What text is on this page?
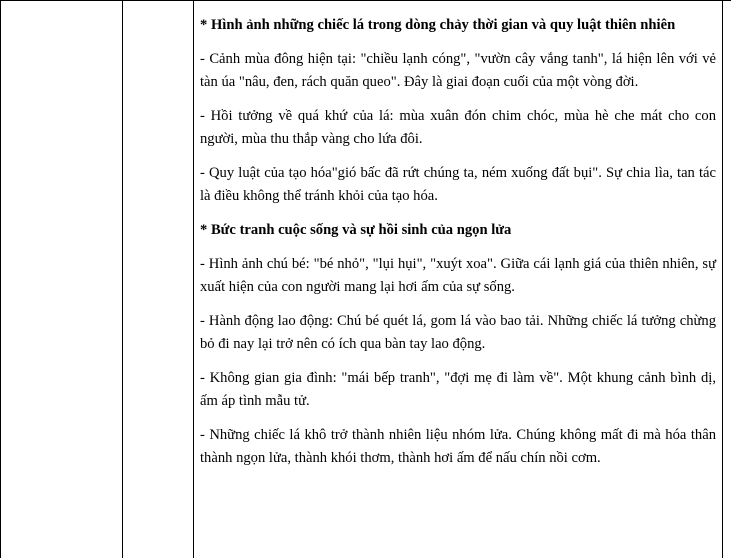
* Hình ảnh những chiếc lá trong dòng chảy thời gian và quy luật thiên nhiên

- Cảnh mùa đông hiện tại: "chiều lạnh cóng", "vườn cây vắng tanh", lá hiện lên với vẻ tàn úa "nâu, đen, rách quăn queo". Đây là giai đoạn cuối của một vòng đời.

- Hồi tưởng về quá khứ của lá: mùa xuân đón chim chóc, mùa hè che mát cho con người, mùa thu thắp vàng cho lứa đôi.

- Quy luật của tạo hóa"gió bấc đã rứt chúng ta, ném xuống đất bụi". Sự chia lìa, tan tác là điều không thể tránh khỏi của tạo hóa.

* Bức tranh cuộc sống và sự hồi sinh của ngọn lửa

- Hình ảnh chú bé: "bé nhỏ", "lụi hụi", "xuýt xoa". Giữa cái lạnh giá của thiên nhiên, sự xuất hiện của con người mang lại hơi ấm của sự sống.

- Hành động lao động: Chú bé quét lá, gom lá vào bao tải. Những chiếc lá tưởng chừng bỏ đi nay lại trở nên có ích qua bàn tay lao động.

- Không gian gia đình: "mái bếp tranh", "đợi mẹ đi làm về". Một khung cảnh bình dị, ấm áp tình mẫu tử.

- Những chiếc lá khô trở thành nhiên liệu nhóm lửa. Chúng không mất đi mà hóa thân thành ngọn lửa, thành khói thơm, thành hơi ấm để nấu chín nồi cơm.
